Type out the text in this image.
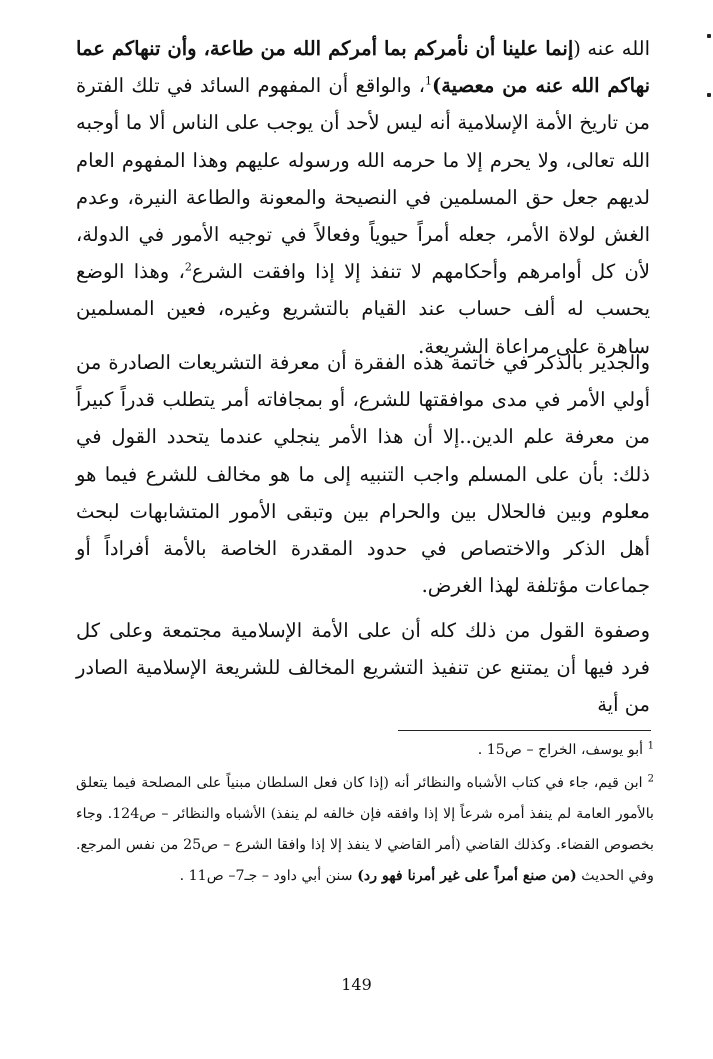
الله عنه (إنما علينا أن نأمركم بما أمركم الله من طاعة، وأن تنهاكم عما نهاكم الله عنه من معصية)$^1$، والواقع أن المفهوم السائد في تلك الفترة من تاريخ الأمة الإسلامية أنه ليس لأحد أن يوجب على الناس ألا ما أوجبه الله تعالى، ولا يحرم إلا ما حرمه الله ورسوله عليهم وهذا المفهوم العام لديهم جعل حق المسلمين في النصيحة والمعونة والطاعة النيرة، وعدم الغش لولاة الأمر، جعله أمراً حيوياً وفعالاً في توجيه الأمور في الدولة، لأن كل أوامرهم وأحكامهم لا تنفذ إلا إذا وافقت الشرع$^2$، وهذا الوضع يحسب له ألف حساب عند القيام بالتشريع وغيره، فعين المسلمين ساهرة على مراعاة الشريعة.

والجدير بالذكر في خاتمة هذه الفقرة أن معرفة التشريعات الصادرة من أولي الأمر في مدى موافقتها للشرع، أو بمجافاته أمر يتطلب قدراً كبيراً من معرفة علم الدين..إلا أن هذا الأمر ينجلي عندما يتحدد القول في ذلك: بأن على المسلم واجب التنبيه إلى ما هو مخالف للشرع فيما هو معلوم وبين فالحلال بين والحرام بين وتبقى الأمور المتشابهات لبحث أهل الذكر والاختصاص في حدود المقدرة الخاصة بالأمة أفراداً أو جماعات مؤتلفة لهذا الغرض.

وصفوة القول من ذلك كله أن على الأمة الإسلامية مجتمعة وعلى كل فرد فيها أن يمتنع عن تنفيذ التشريع المخالف للشريعة الإسلامية الصادر من أية

$^1$ أبو يوسف، الخراج – ص15 .

$^2$ ابن قيم، جاء في كتاب الأشباه والنظائر أنه (إذا كان فعل السلطان مبنياً على المصلحة فيما يتعلق بالأمور العامة لم ينفذ أمره شرعاً إلا إذا وافقه فإن خالفه لم ينفذ) الأشباه والنظائر – ص124. وجاء بخصوص القضاء. وكذلك القاضي (أمر القاضي لا ينفذ إلا إذا وافقا الشرع – ص25 من نفس المرجع. وفي الحديث (من صنع أمراً على غير أمرنا فهو رد) سنن أبي داود – جـ7– ص11 .

149
